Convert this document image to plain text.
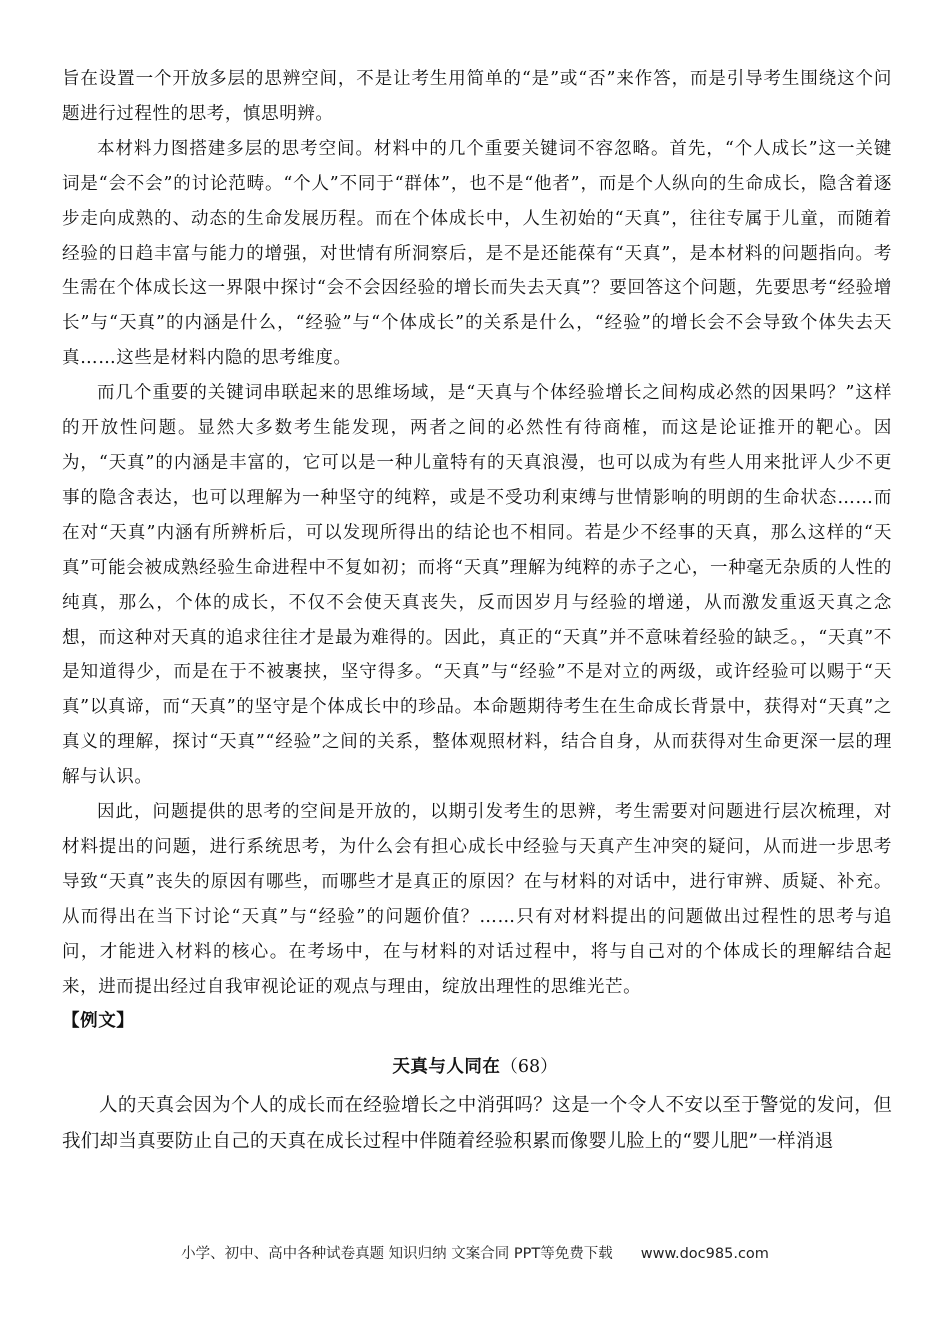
旨在设置一个开放多层的思辨空间，不是让考生用简单的“是”或“否”来作答，而是引导考生围绕这个问题进行过程性的思考，慎思明辨。

本材料力图搭建多层的思考空间。材料中的几个重要关键词不容忽略。首先，“个人成长”这一关键词是“会不会”的讨论范畴。“个人”不同于“群体”，也不是“他者”，而是个人纵向的生命成长，隐含着逐步走向成熟的、动态的生命发展历程。而在个体成长中，人生初始的“天真”，往往专属于儿童，而随着经验的日趋丰富与能力的增强，对世情有所洞察后，是不是还能葆有“天真”，是本材料的问题指向。考生需在个体成长这一界限中探讨“会不会因经验的增长而失去天真”？要回答这个问题，先要思考“经验增长”与“天真”的内涵是什么，“经验”与“个体成长”的关系是什么，“经验”的增长会不会导致个体失去天真……这些是材料内隐的思考维度。

而几个重要的关键词串联起来的思维场域，是“天真与个体经验增长之间构成必然的因果吗？”这样的开放性问题。显然大多数考生能发现，两者之间的必然性有待商榷，而这是论证推开的靶心。因为，“天真”的内涵是丰富的，它可以是一种儿童特有的天真浪漫，也可以成为有些人用来批评人少不更事的隐含表达，也可以理解为一种坚守的纯粹，或是不受功利束缚与世情影响的明朗的生命状态……而在对“天真”内涵有所辨析后，可以发现所得出的结论也不相同。若是少不经事的天真，那么这样的“天真”可能会被成熟经验生命进程中不复如初；而将“天真”理解为纯粹的赤子之心，一种毫无杂质的人性的纯真，那么，个体的成长，不仅不会使天真丧失，反而因岁月与经验的增递，从而激发重返天真之念想，而这种对天真的追求往往才是最为难得的。因此，真正的“天真”并不意味着经验的缺乏。，“天真”不是知道得少，而是在于不被裹挟，坚守得多。“天真”与“经验”不是对立的两级，或许经验可以赐于“天真”以真谛，而“天真”的坚守是个体成长中的珍品。本命题期待考生在生命成长背景中，获得对“天真”之真义的理解，探讨“天真”“经验”之间的关系，整体观照材料，结合自身，从而获得对生命更深一层的理解与认识。

因此，问题提供的思考的空间是开放的，以期引发考生的思辨，考生需要对问题进行层次梳理，对材料提出的问题，进行系统思考，为什么会有担心成长中经验与天真产生冲突的疑问，从而进一步思考导致“天真”丧失的原因有哪些，而哪些才是真正的原因？在与材料的对话中，进行审辨、质疑、补充。从而得出在当下讨论“天真”与“经验”的问题价值？……只有对材料提出的问题做出过程性的思考与追问，才能进入材料的核心。在考场中，在与材料的对话过程中，将与自己对的个体成长的理解结合起来，进而提出经过自我审视论证的观点与理由，绽放出理性的思维光芒。

【例文】

天真与人同在（68）

人的天真会因为个人的成长而在经验增长之中消弭吗？这是一个令人不安以至于警觉的发问，但我们却当真要防止自己的天真在成长过程中伴随着经验积累而像婴儿脸上的“婴儿肥”一样消退

小学、初中、高中各种试卷真题 知识归纳 文案合同 PPT等免费下载 www.doc985.com
